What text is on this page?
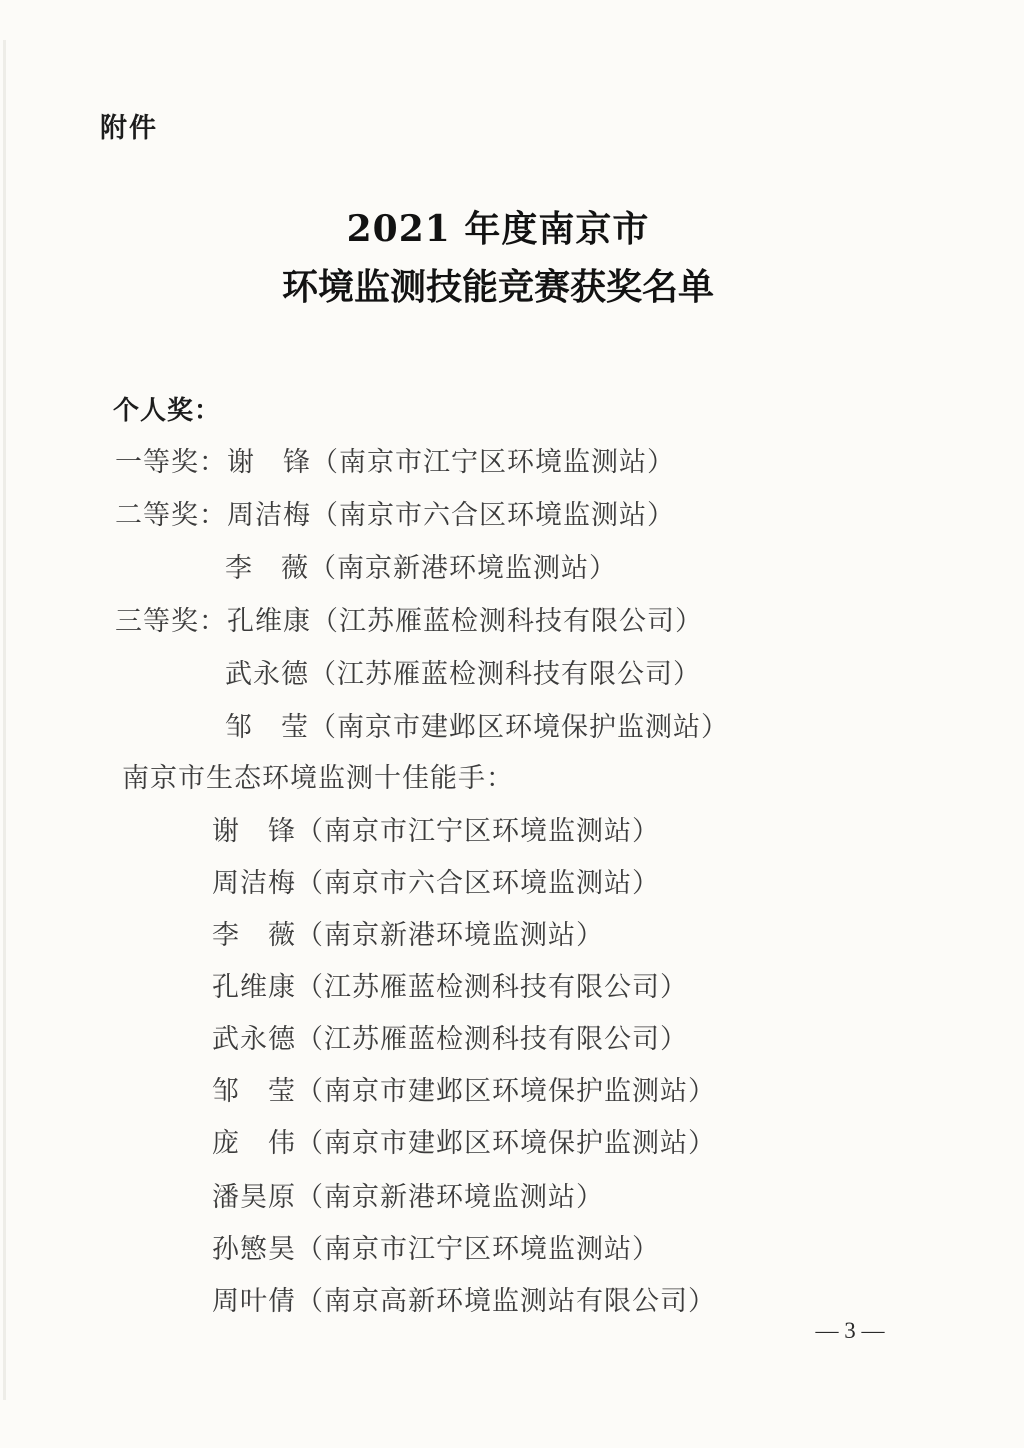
附件
2021 年度南京市
环境监测技能竞赛获奖名单
个人奖：
一等奖：谢　锋（南京市江宁区环境监测站）
二等奖：周洁梅（南京市六合区环境监测站）
李　薇（南京新港环境监测站）
三等奖：孔维康（江苏雁蓝检测科技有限公司）
武永德（江苏雁蓝检测科技有限公司）
邹　莹（南京市建邺区环境保护监测站）
南京市生态环境监测十佳能手：
谢　锋（南京市江宁区环境监测站）
周洁梅（南京市六合区环境监测站）
李　薇（南京新港环境监测站）
孔维康（江苏雁蓝检测科技有限公司）
武永德（江苏雁蓝检测科技有限公司）
邹　莹（南京市建邺区环境保护监测站）
庞　伟（南京市建邺区环境保护监测站）
潘昊原（南京新港环境监测站）
孙慜昊（南京市江宁区环境监测站）
周叶倩（南京高新环境监测站有限公司）
— 3 —
